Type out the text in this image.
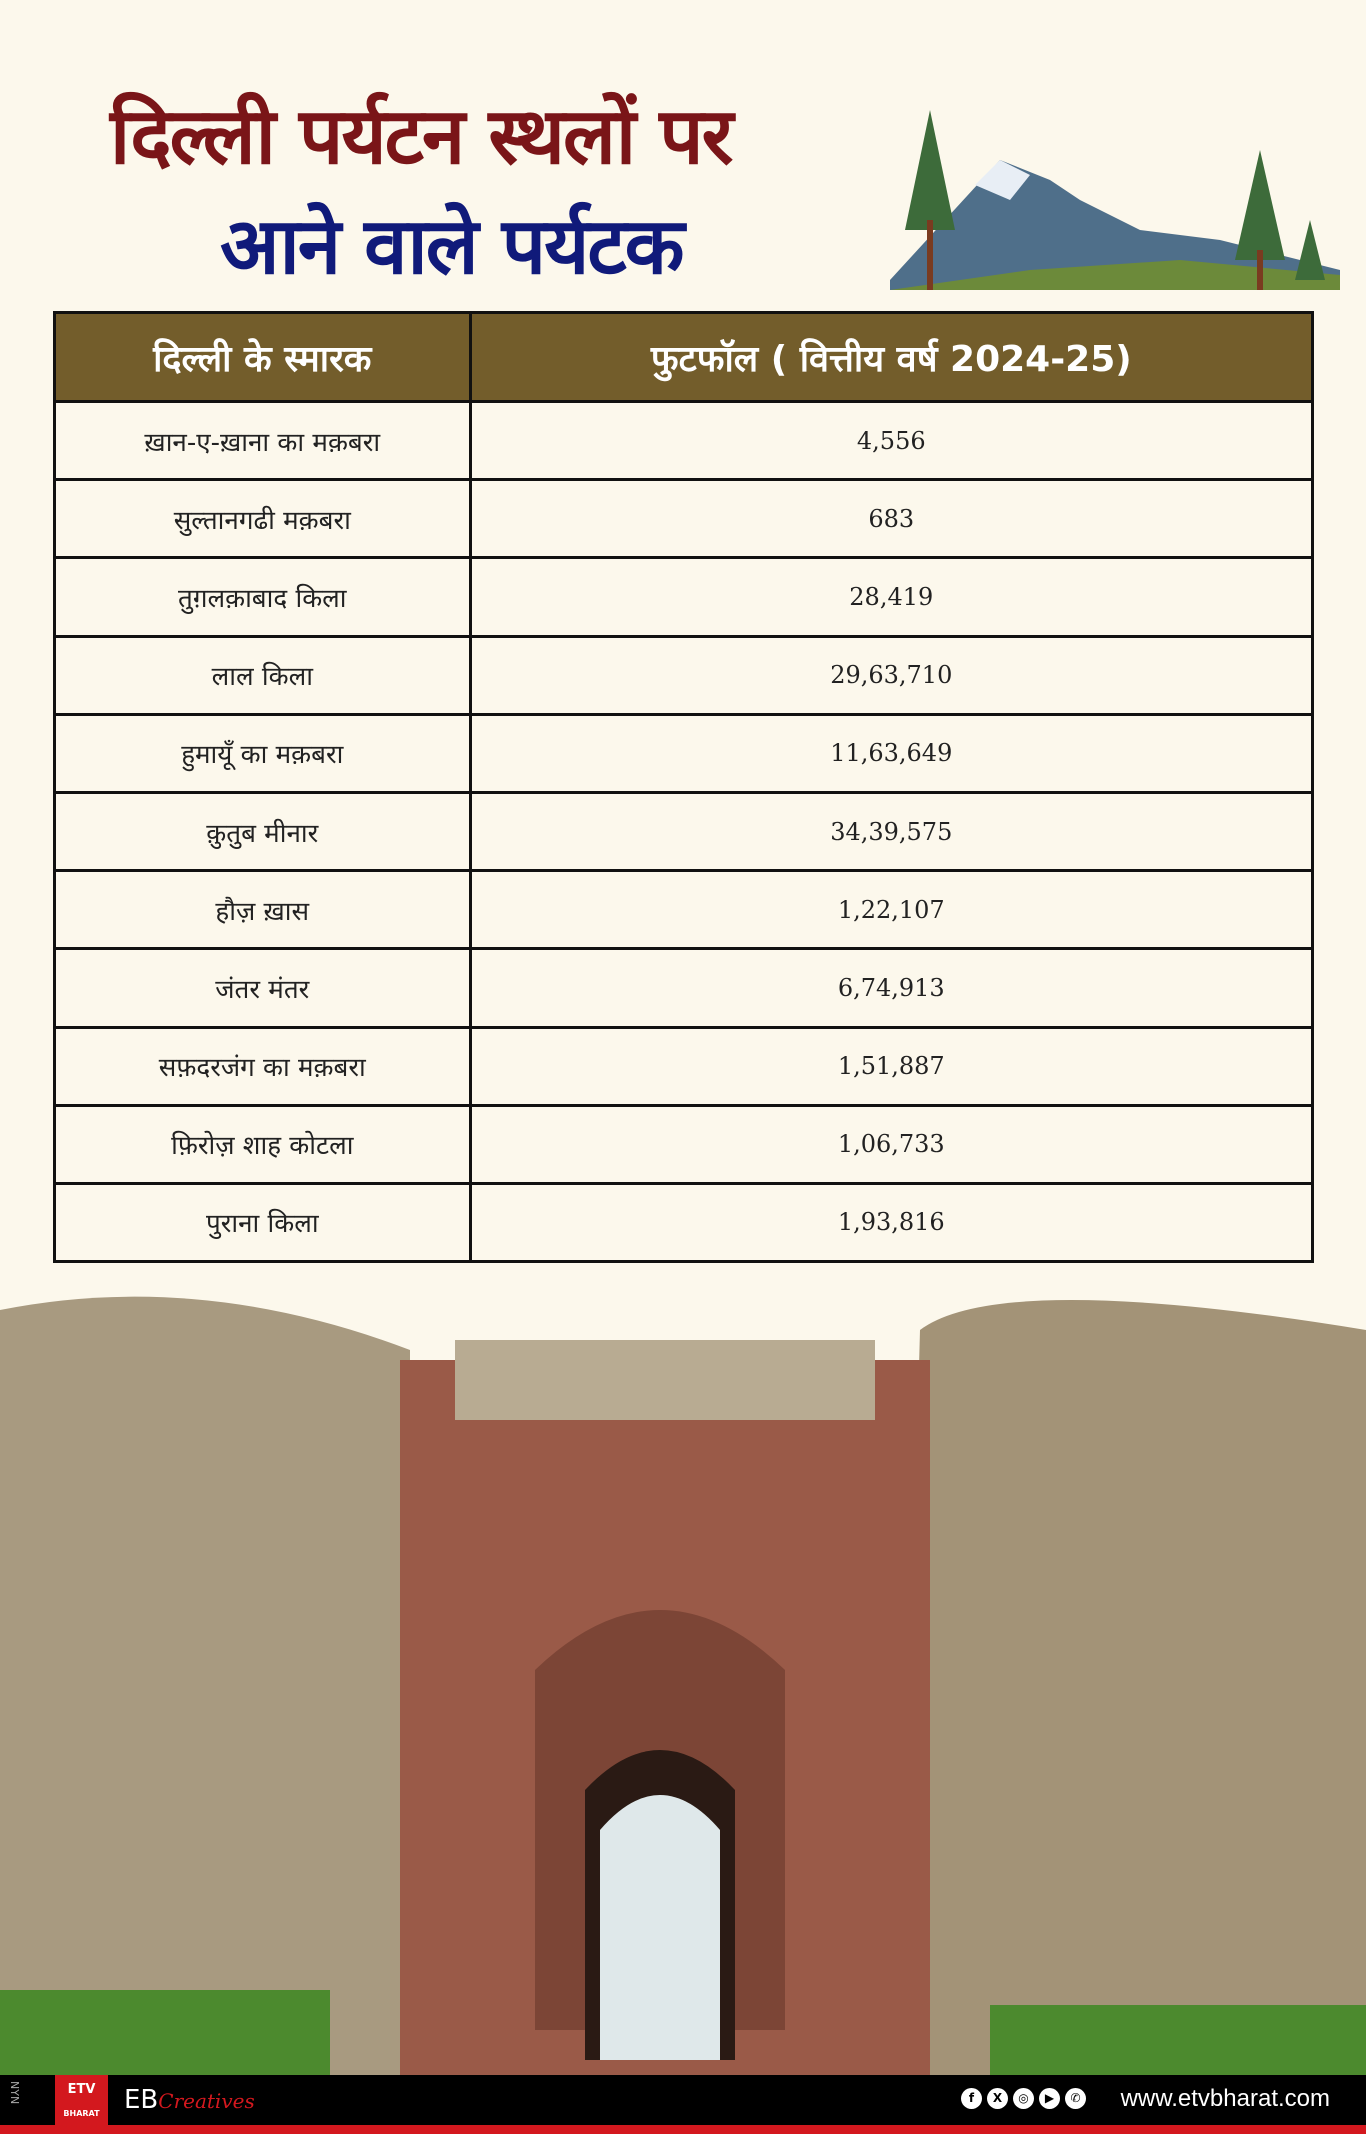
दिल्ली पर्यटन स्थलों पर
आने वाले पर्यटक
दिल्ली के स्मारक	फुटफॉल ( वित्तीय वर्ष 2024-25)
ख़ान-ए-ख़ाना का मक़बरा	4,556
सुल्तानगढी मक़बरा	683
तुग़लक़ाबाद किला	28,419
लाल किला	29,63,710
हुमायूँ का मक़बरा	11,63,649
क़ुतुब मीनार	34,39,575
हौज़ ख़ास	1,22,107
जंतर मंतर	6,74,913
सफ़दरजंग का मक़बरा	1,51,887
फ़िरोज़ शाह कोटला	1,06,733
पुराना किला	1,93,816
NYN	ETV
BHARAT EBCreatives	f	X	◎	▶	✆ www.etvbharat.com
